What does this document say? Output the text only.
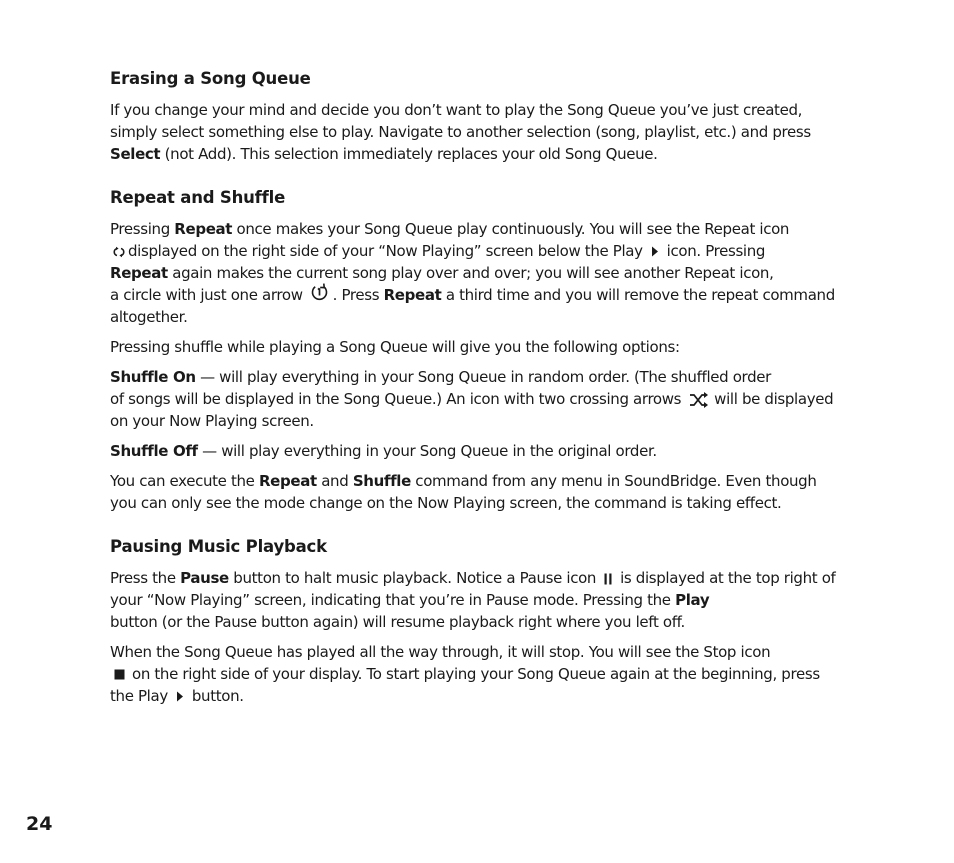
Erasing a Song Queue

If you change your mind and decide you don’t want to play the Song Queue you’ve just created, simply select something else to play. Navigate to another selection (song, playlist, etc.) and press Select (not Add). This selection immediately replaces your old Song Queue.

Repeat and Shuffle

Pressing Repeat once makes your Song Queue play continuously. You will see the Repeat icon
displayed on the right side of your “Now Playing” screen below the Play icon. Pressing
Repeat again makes the current song play over and over; you will see another Repeat icon,
a circle with just one arrow . Press Repeat a third time and you will remove the repeat command altogether.

Pressing shuffle while playing a Song Queue will give you the following options:

Shuffle On — will play everything in your Song Queue in random order. (The shuffled order
of songs will be displayed in the Song Queue.) An icon with two crossing arrows will be displayed on your Now Playing screen.

Shuffle Off — will play everything in your Song Queue in the original order.

You can execute the Repeat and Shuffle command from any menu in SoundBridge. Even though you can only see the mode change on the Now Playing screen, the command is taking effect.

Pausing Music Playback

Press the Pause button to halt music playback. Notice a Pause icon is displayed at the top right of your “Now Playing” screen, indicating that you’re in Pause mode. Pressing the Play
button (or the Pause button again) will resume playback right where you left off.

When the Song Queue has played all the way through, it will stop. You will see the Stop icon
on the right side of your display. To start playing your Song Queue again at the beginning, press the Play button.

24
